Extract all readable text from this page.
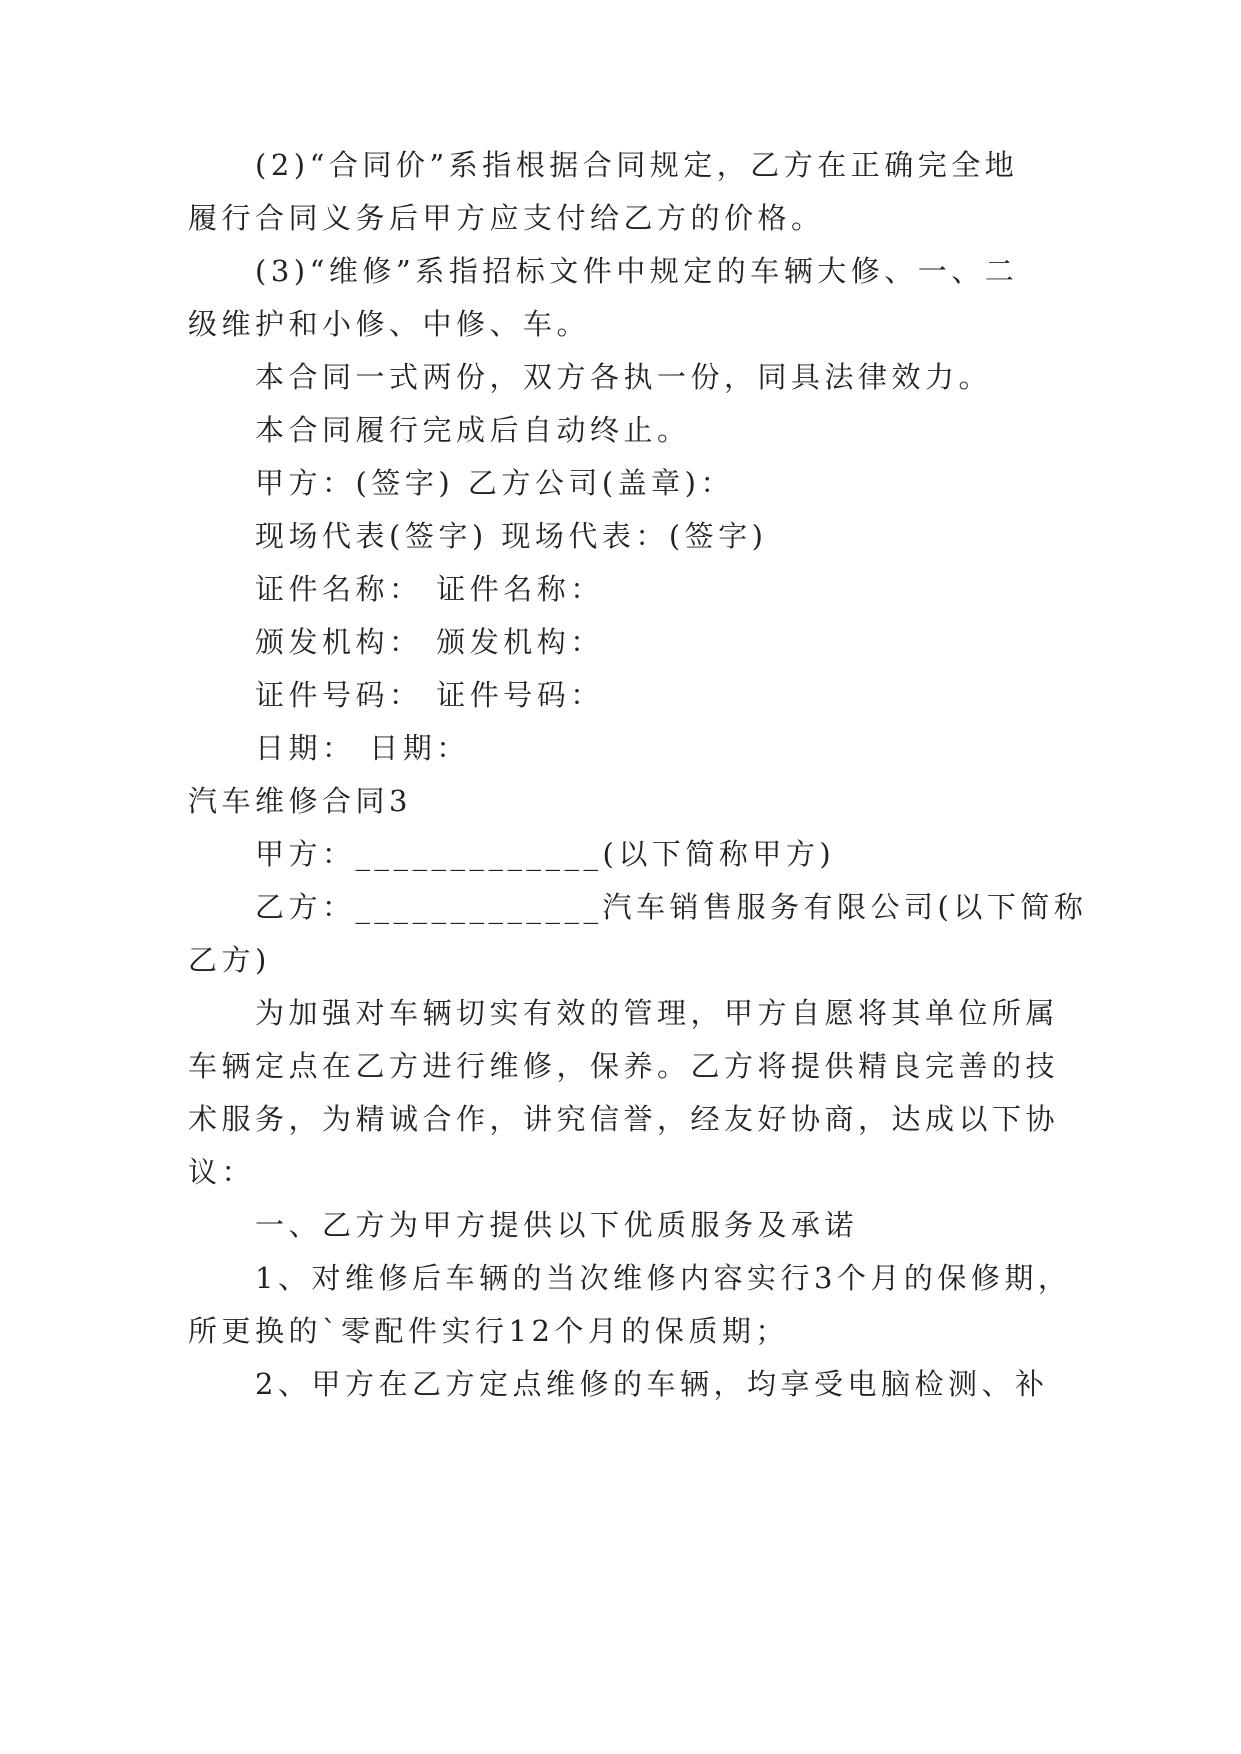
(2)“合同价”系指根据合同规定，乙方在正确完全地
履行合同义务后甲方应支付给乙方的价格。
(3)“维修”系指招标文件中规定的车辆大修、一、二
级维护和小修、中修、车。
本合同一式两份，双方各执一份，同具法律效力。
本合同履行完成后自动终止。
甲方：(签字) 乙方公司(盖章)：
现场代表(签字) 现场代表：(签字)
证件名称： 证件名称：
颁发机构： 颁发机构：
证件号码： 证件号码：
日期： 日期：
汽车维修合同3
甲方：_____________(以下简称甲方)
乙方：_____________汽车销售服务有限公司(以下简称
乙方)
为加强对车辆切实有效的管理，甲方自愿将其单位所属
车辆定点在乙方进行维修，保养。乙方将提供精良完善的技
术服务，为精诚合作，讲究信誉，经友好协商，达成以下协
议：
一、乙方为甲方提供以下优质服务及承诺
1、对维修后车辆的当次维修内容实行3个月的保修期，
所更换的`零配件实行12个月的保质期；
2、甲方在乙方定点维修的车辆，均享受电脑检测、补
